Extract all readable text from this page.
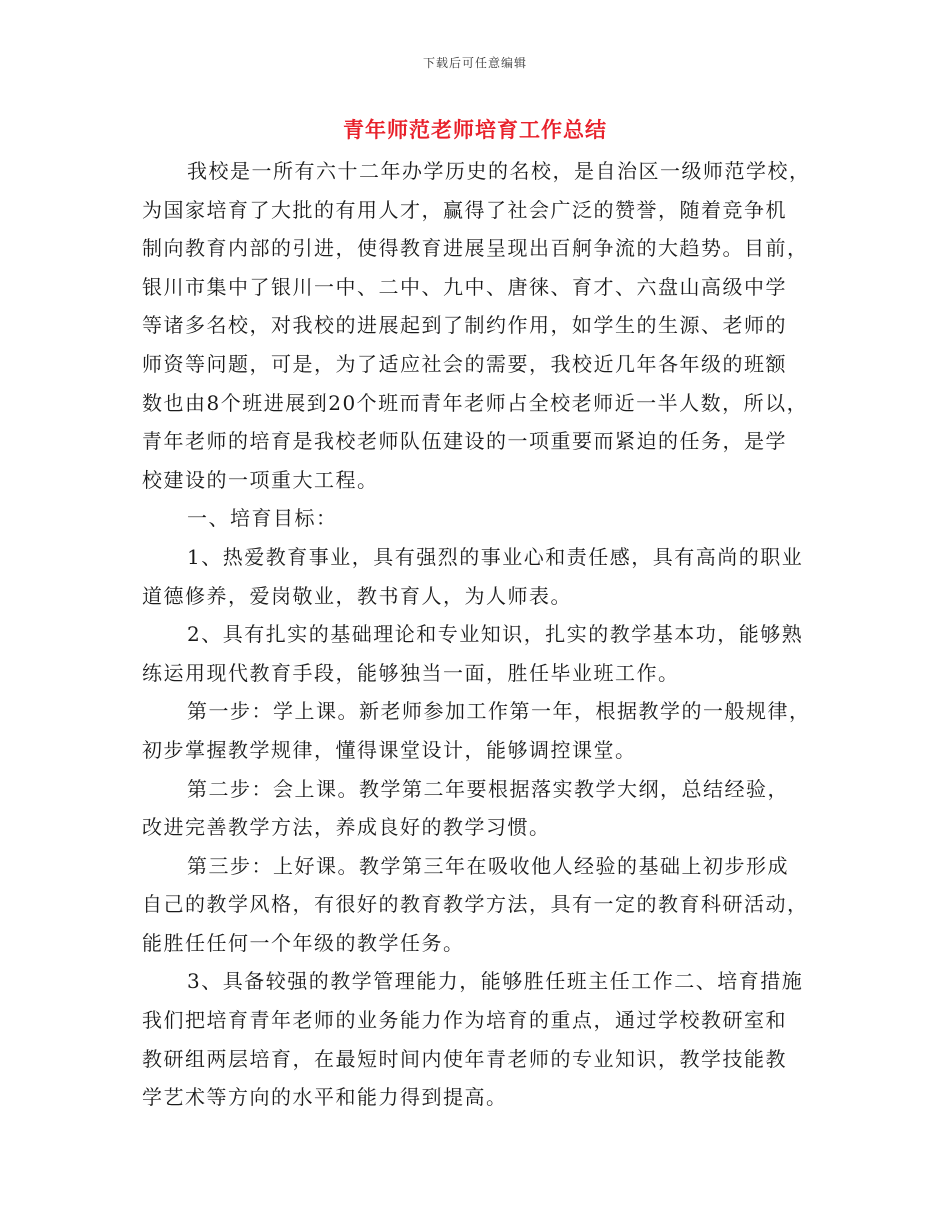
下载后可任意编辑
青年师范老师培育工作总结
我校是一所有六十二年办学历史的名校，是自治区一级师范学校，
为国家培育了大批的有用人才，赢得了社会广泛的赞誉，随着竞争机
制向教育内部的引进，使得教育进展呈现出百舸争流的大趋势。目前，
银川市集中了银川一中、二中、九中、唐徕、育才、六盘山高级中学
等诸多名校，对我校的进展起到了制约作用，如学生的生源、老师的
师资等问题，可是，为了适应社会的需要，我校近几年各年级的班额
数也由8个班进展到20个班而青年老师占全校老师近一半人数，所以，
青年老师的培育是我校老师队伍建设的一项重要而紧迫的任务，是学
校建设的一项重大工程。
一、培育目标：
1、热爱教育事业，具有强烈的事业心和责任感，具有高尚的职业
道德修养，爱岗敬业，教书育人，为人师表。
2、具有扎实的基础理论和专业知识，扎实的教学基本功，能够熟
练运用现代教育手段，能够独当一面，胜任毕业班工作。
第一步：学上课。新老师参加工作第一年，根据教学的一般规律，
初步掌握教学规律，懂得课堂设计，能够调控课堂。
第二步：会上课。教学第二年要根据落实教学大纲，总结经验，
改进完善教学方法，养成良好的教学习惯。
第三步：上好课。教学第三年在吸收他人经验的基础上初步形成
自己的教学风格，有很好的教育教学方法，具有一定的教育科研活动，
能胜任任何一个年级的教学任务。
3、具备较强的教学管理能力，能够胜任班主任工作二、培育措施
我们把培育青年老师的业务能力作为培育的重点，通过学校教研室和
教研组两层培育，在最短时间内使年青老师的专业知识，教学技能教
学艺术等方向的水平和能力得到提高。
